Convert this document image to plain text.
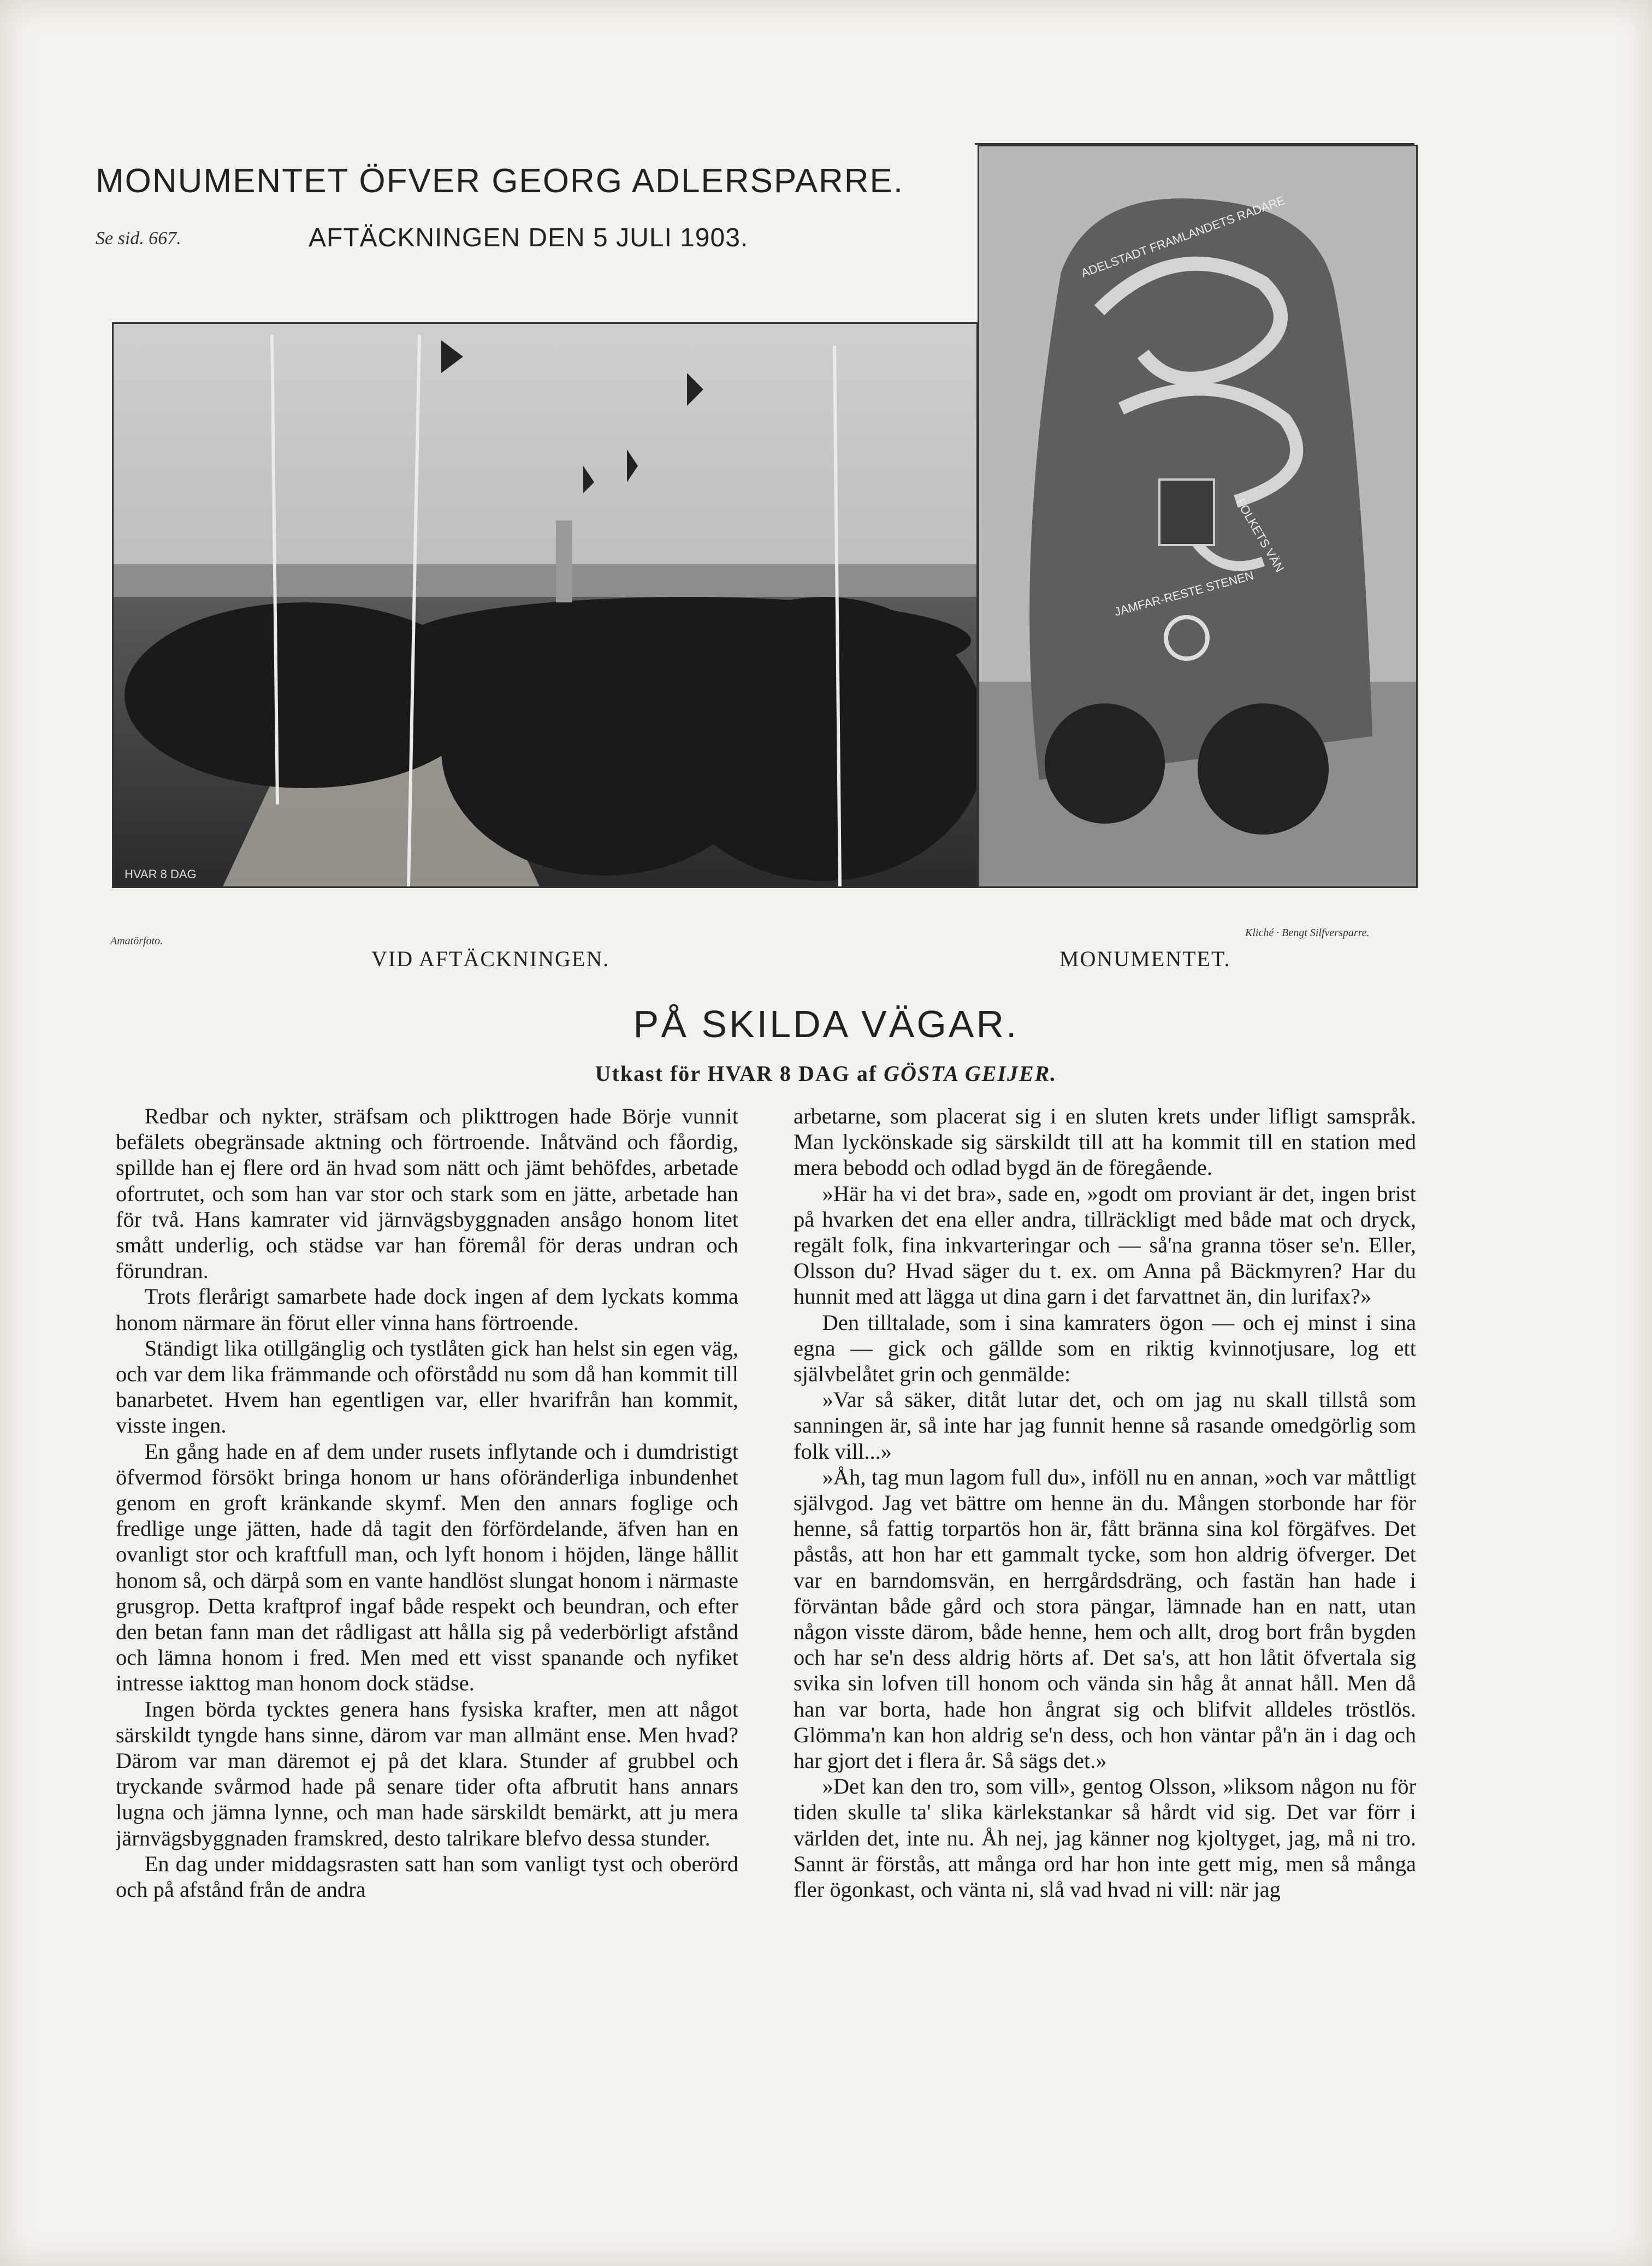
MONUMENTET ÖFVER GEORG ADLERSPARRE.
Se sid. 667.	AFTÄCKNINGEN DEN 5 JULI 1903.
HVAR 8 DAG
ADELSTADT FRAMLANDETS RADARE
FOLKETS VÄN
JAMFAR-RESTE STENEN
Amatörfoto.
VID AFTÄCKNINGEN.
Kliché · Bengt Silfversparre.
MONUMENTET.
PÅ SKILDA VÄGAR.
Utkast för HVAR 8 DAG af GÖSTA GEIJER.

Redbar och nykter, sträfsam och plikttrogen hade Börje vunnit befälets obegränsade aktning och förtroende. Inåtvänd och fåordig, spillde han ej flere ord än hvad som nätt och jämt behöfdes, arbetade ofortrutet, och som han var stor och stark som en jätte, arbetade han för två. Hans kamrater vid järnvägsbyggnaden ansågo honom litet smått underlig, och städse var han föremål för deras undran och förundran.

Trots flerårigt samarbete hade dock ingen af dem lyckats komma honom närmare än förut eller vinna hans förtroende.

Ständigt lika otillgänglig och tystlåten gick han helst sin egen väg, och var dem lika främmande och oförstådd nu som då han kommit till banarbetet. Hvem han egentligen var, eller hvarifrån han kommit, visste ingen.

En gång hade en af dem under rusets inflytande och i dumdristigt öfvermod försökt bringa honom ur hans oföränderliga inbundenhet genom en groft kränkande skymf. Men den annars foglige och fredlige unge jätten, hade då tagit den förfördelande, äfven han en ovanligt stor och kraftfull man, och lyft honom i höjden, länge hållit honom så, och därpå som en vante handlöst slungat honom i närmaste grusgrop. Detta kraftprof ingaf både respekt och beundran, och efter den betan fann man det rådligast att hålla sig på vederbörligt afstånd och lämna honom i fred. Men med ett visst spanande och nyfiket intresse iakttog man honom dock städse.

Ingen börda tycktes genera hans fysiska krafter, men att något särskildt tyngde hans sinne, därom var man allmänt ense. Men hvad? Därom var man däremot ej på det klara. Stunder af grubbel och tryckande svårmod hade på senare tider ofta afbrutit hans annars lugna och jämna lynne, och man hade särskildt bemärkt, att ju mera järnvägsbyggnaden framskred, desto talrikare blefvo dessa stunder.

En dag under middagsrasten satt han som vanligt tyst och oberörd och på afstånd från de andra

arbetarne, som placerat sig i en sluten krets under lifligt samspråk. Man lyckönskade sig särskildt till att ha kommit till en station med mera bebodd och odlad bygd än de föregående.

»Här ha vi det bra», sade en, »godt om proviant är det, ingen brist på hvarken det ena eller andra, tillräckligt med både mat och dryck, regält folk, fina inkvarteringar och — så'na granna töser se'n. Eller, Olsson du? Hvad säger du t. ex. om Anna på Bäckmyren? Har du hunnit med att lägga ut dina garn i det farvattnet än, din lurifax?»

Den tilltalade, som i sina kamraters ögon — och ej minst i sina egna — gick och gällde som en riktig kvinnotjusare, log ett självbelåtet grin och genmälde:

»Var så säker, ditåt lutar det, och om jag nu skall tillstå som sanningen är, så inte har jag funnit henne så rasande omedgörlig som folk vill...»

»Åh, tag mun lagom full du», inföll nu en annan, »och var måttligt självgod. Jag vet bättre om henne än du. Mången storbonde har för henne, så fattig torpartös hon är, fått bränna sina kol förgäfves. Det påstås, att hon har ett gammalt tycke, som hon aldrig öfverger. Det var en barndomsvän, en herrgårdsdräng, och fastän han hade i förväntan både gård och stora pängar, lämnade han en natt, utan någon visste därom, både henne, hem och allt, drog bort från bygden och har se'n dess aldrig hörts af. Det sa's, att hon låtit öfvertala sig svika sin lofven till honom och vända sin håg åt annat håll. Men då han var borta, hade hon ångrat sig och blifvit alldeles tröstlös. Glömma'n kan hon aldrig se'n dess, och hon väntar på'n än i dag och har gjort det i flera år. Så sägs det.»

»Det kan den tro, som vill», gentog Olsson, »liksom någon nu för tiden skulle ta' slika kärlekstankar så hårdt vid sig. Det var förr i världen det, inte nu. Åh nej, jag känner nog kjoltyget, jag, må ni tro. Sannt är förstås, att många ord har hon inte gett mig, men så många fler ögonkast, och vänta ni, slå vad hvad ni vill: när jag
